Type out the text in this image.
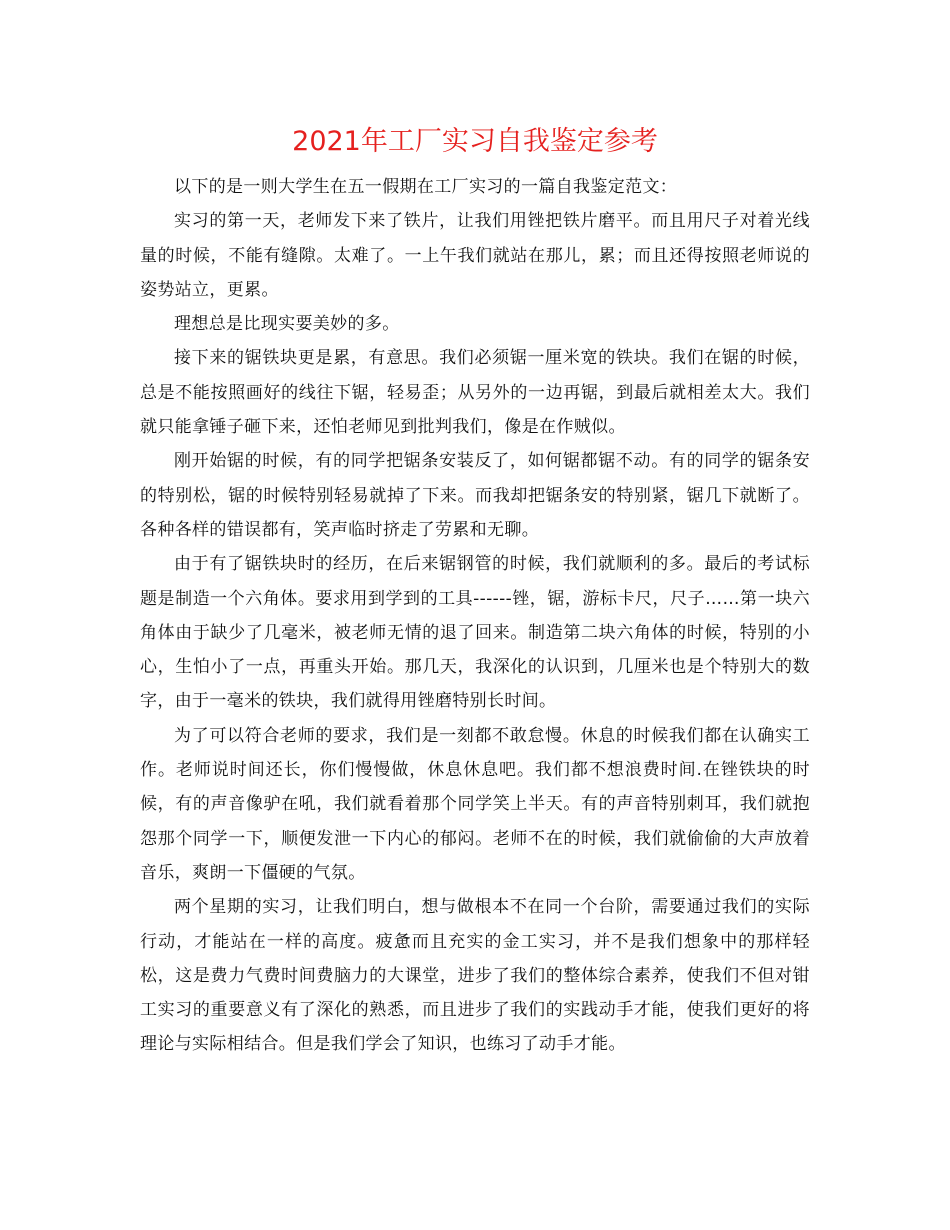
2021年工厂实习自我鉴定参考

以下的是一则大学生在五一假期在工厂实习的一篇自我鉴定范文：

实习的第一天，老师发下来了铁片，让我们用锉把铁片磨平。而且用尺子对着光线量的时候，不能有缝隙。太难了。一上午我们就站在那儿，累；而且还得按照老师说的姿势站立，更累。

理想总是比现实要美妙的多。

接下来的锯铁块更是累，有意思。我们必须锯一厘米宽的铁块。我们在锯的时候，总是不能按照画好的线往下锯，轻易歪；从另外的一边再锯，到最后就相差太大。我们就只能拿锤子砸下来，还怕老师见到批判我们，像是在作贼似。

刚开始锯的时候，有的同学把锯条安装反了，如何锯都锯不动。有的同学的锯条安的特别松，锯的时候特别轻易就掉了下来。而我却把锯条安的特别紧，锯几下就断了。各种各样的错误都有，笑声临时挤走了劳累和无聊。

由于有了锯铁块时的经历，在后来锯钢管的时候，我们就顺利的多。最后的考试标题是制造一个六角体。要求用到学到的工具------锉，锯，游标卡尺，尺子……第一块六角体由于缺少了几毫米，被老师无情的退了回来。制造第二块六角体的时候，特别的小心，生怕小了一点，再重头开始。那几天，我深化的认识到，几厘米也是个特别大的数字，由于一毫米的铁块，我们就得用锉磨特别长时间。

为了可以符合老师的要求，我们是一刻都不敢怠慢。休息的时候我们都在认确实工作。老师说时间还长，你们慢慢做，休息休息吧。我们都不想浪费时间.在锉铁块的时候，有的声音像驴在吼，我们就看着那个同学笑上半天。有的声音特别刺耳，我们就抱怨那个同学一下，顺便发泄一下内心的郁闷。老师不在的时候，我们就偷偷的大声放着音乐，爽朗一下僵硬的气氛。

两个星期的实习，让我们明白，想与做根本不在同一个台阶，需要通过我们的实际行动，才能站在一样的高度。疲惫而且充实的金工实习，并不是我们想象中的那样轻松，这是费力气费时间费脑力的大课堂，进步了我们的整体综合素养，使我们不但对钳工实习的重要意义有了深化的熟悉，而且进步了我们的实践动手才能，使我们更好的将理论与实际相结合。但是我们学会了知识，也练习了动手才能。
